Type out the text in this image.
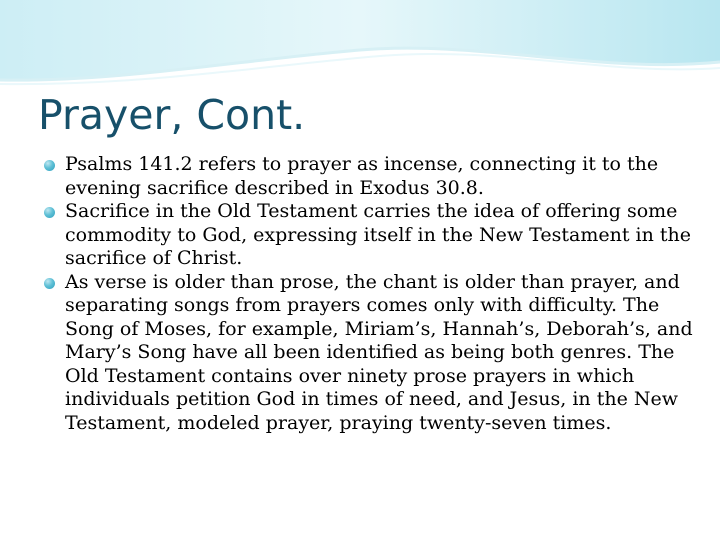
Prayer, Cont.
Psalms 141.2 refers to prayer as incense, connecting it to the evening sacrifice described in Exodus 30.8.
Sacrifice in the Old Testament carries the idea of offering some commodity to God, expressing itself in the New Testament in the sacrifice of Christ.
As verse is older than prose, the chant is older than prayer, and separating songs from prayers comes only with difficulty. The Song of Moses, for example, Miriam’s, Hannah’s, Deborah’s, and Mary’s Song have all been identified as being both genres. The Old Testament contains over ninety prose prayers in which individuals petition God in times of need, and Jesus, in the New Testament, modeled prayer, praying twenty-seven times.
